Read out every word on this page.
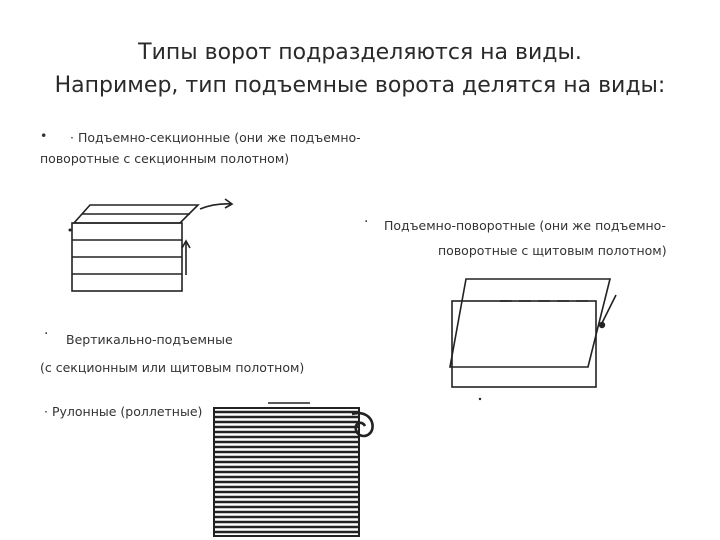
Типы ворот подразделяются на виды.
Например, тип подъемные ворота делятся на виды:
• · Подъемно-секционные (они же подъемно-
поворотные с секционным полотном)
· Подъемно-поворотные (они же подъемно-
поворотные с щитовым полотном)
· Вертикально-подъемные
(с секционным или щитовым полотном)
· Рулонные (роллетные)
